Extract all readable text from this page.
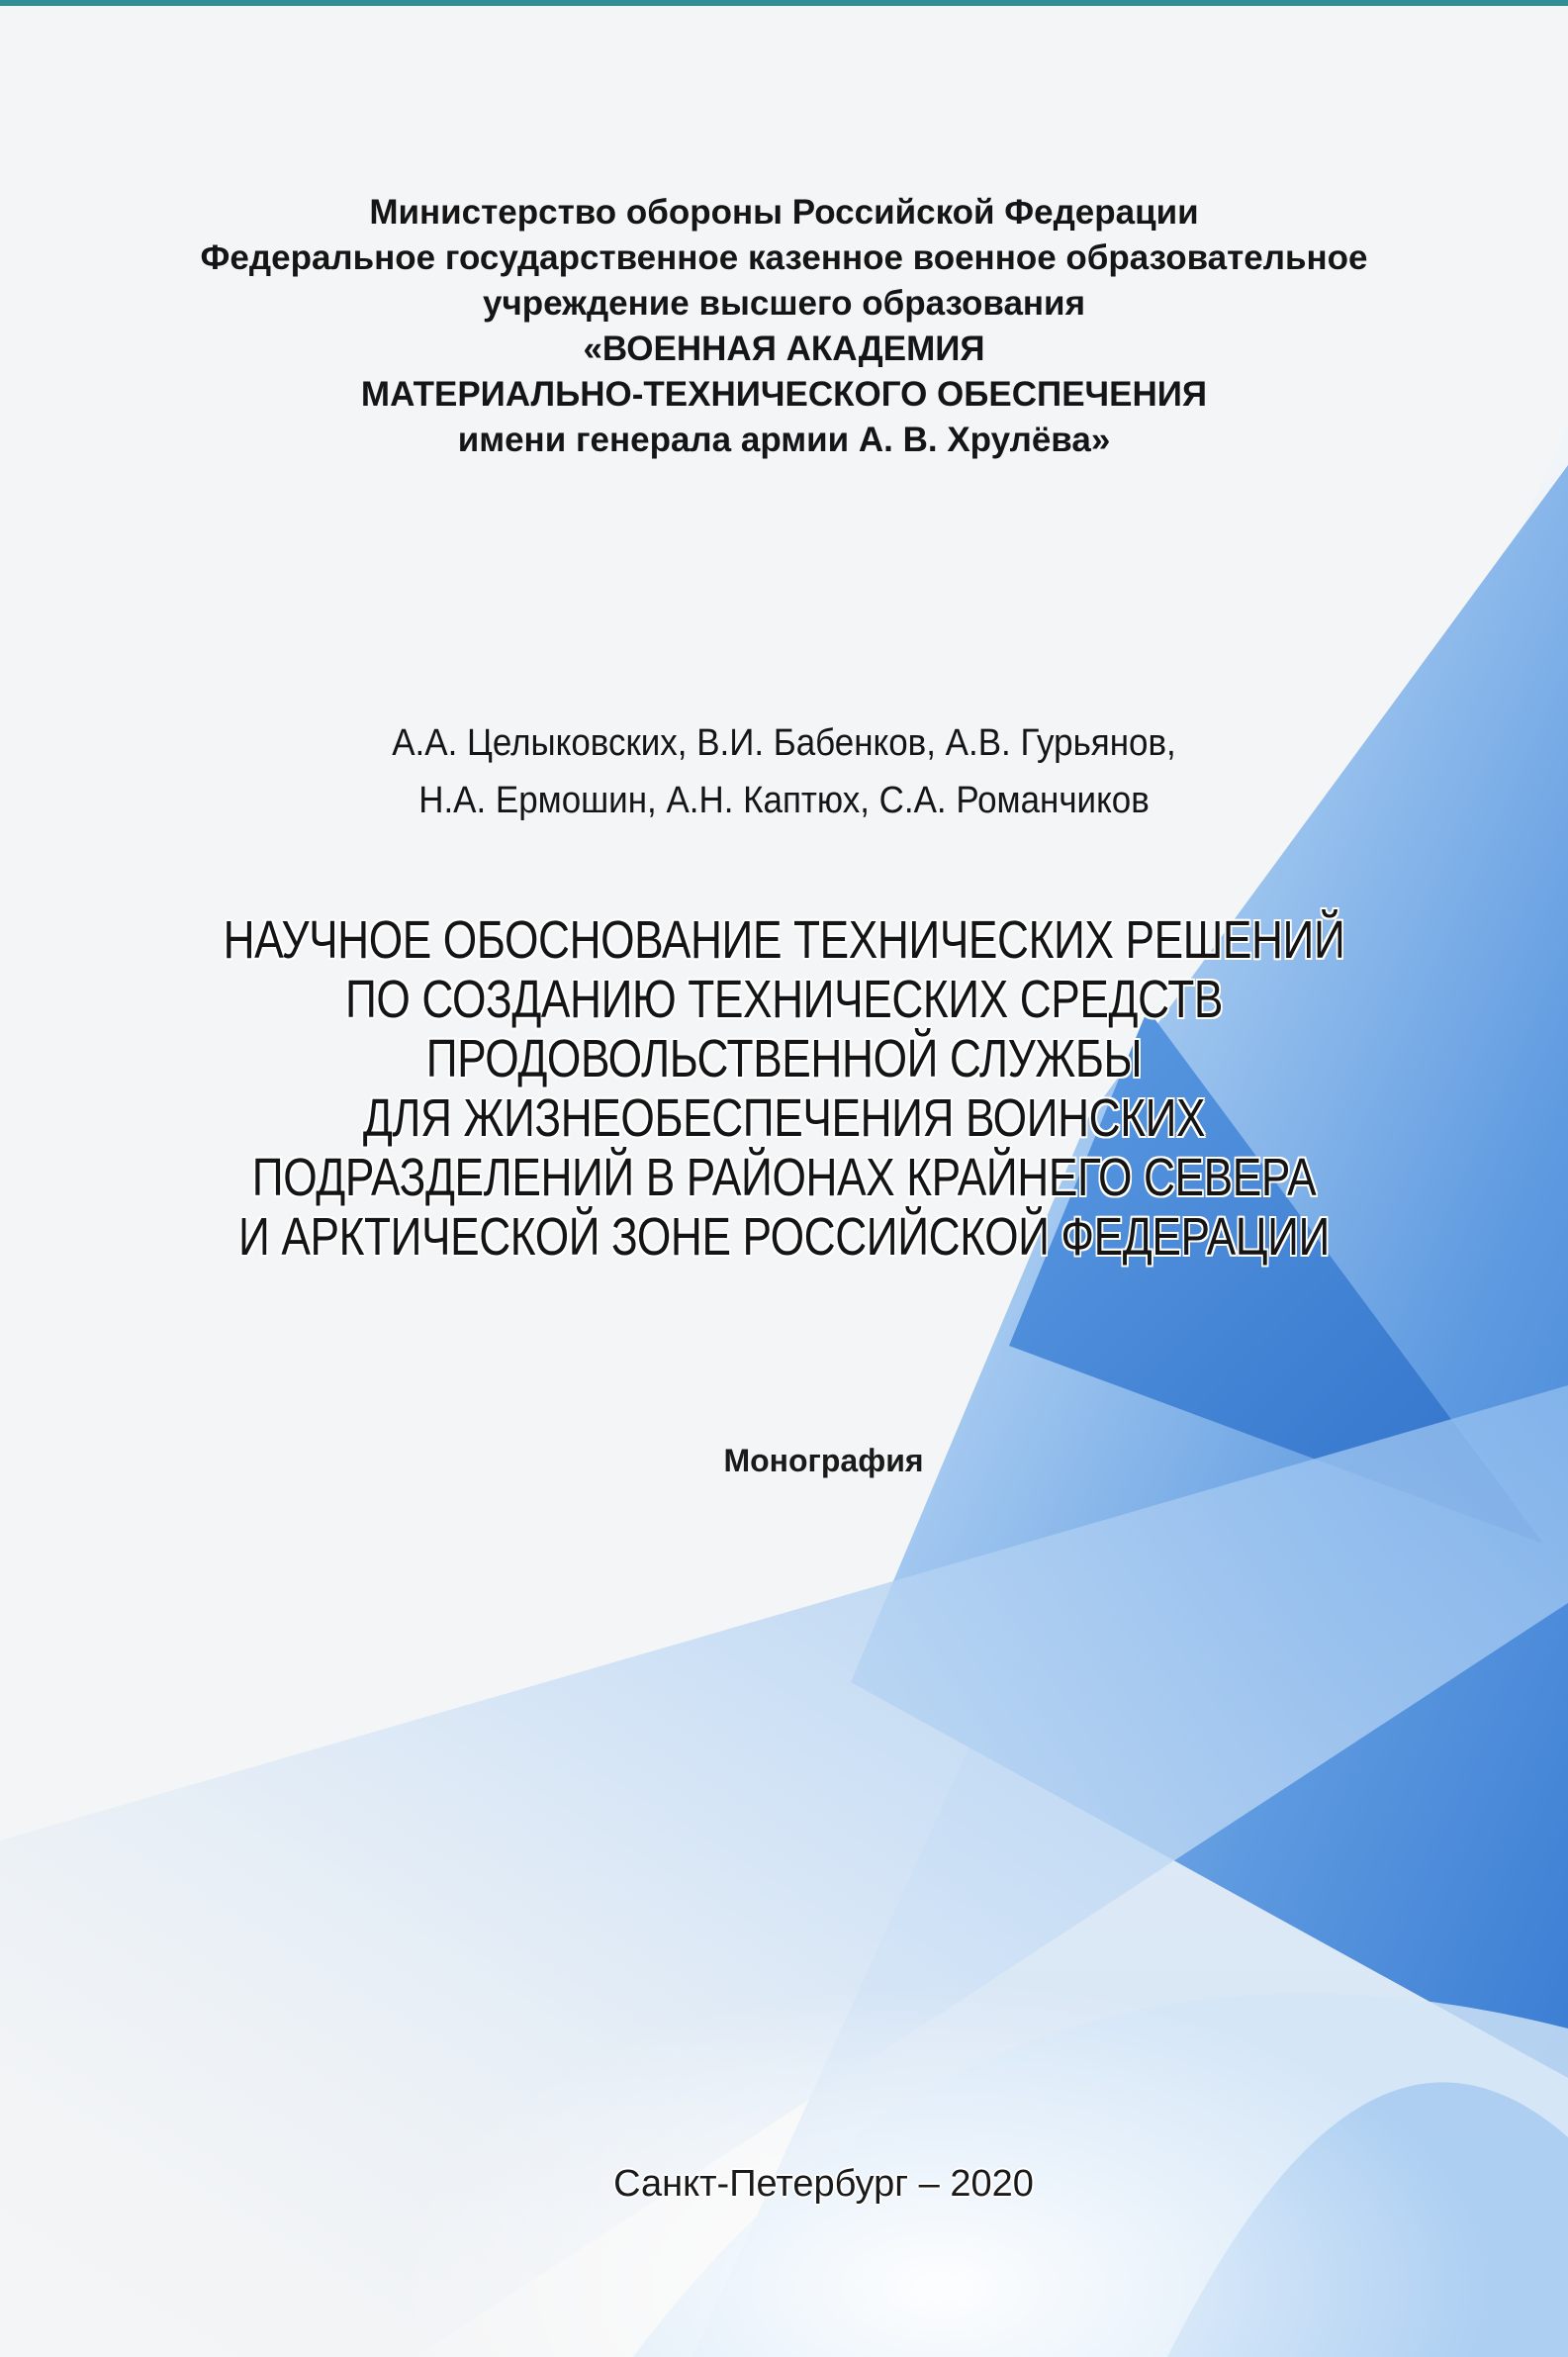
Министерство обороны Российской Федерации
Федеральное государственное казенное военное образовательное
учреждение высшего образования
«ВОЕННАЯ АКАДЕМИЯ
МАТЕРИАЛЬНО-ТЕХНИЧЕСКОГО ОБЕСПЕЧЕНИЯ
имени генерала армии А. В. Хрулёва»
А.А. Целыковских, В.И. Бабенков, А.В. Гурьянов,
Н.А. Ермошин, А.Н. Каптюх, С.А. Романчиков
НАУЧНОЕ ОБОСНОВАНИЕ ТЕХНИЧЕСКИХ РЕШЕНИЙ
ПО СОЗДАНИЮ ТЕХНИЧЕСКИХ СРЕДСТВ
ПРОДОВОЛЬСТВЕННОЙ СЛУЖБЫ
ДЛЯ ЖИЗНЕОБЕСПЕЧЕНИЯ ВОИНСКИХ
ПОДРАЗДЕЛЕНИЙ В РАЙОНАХ КРАЙНЕГО СЕВЕРА
И АРКТИЧЕСКОЙ ЗОНЕ РОССИЙСКОЙ ФЕДЕРАЦИИ
Монография
Санкт-Петербург – 2020
